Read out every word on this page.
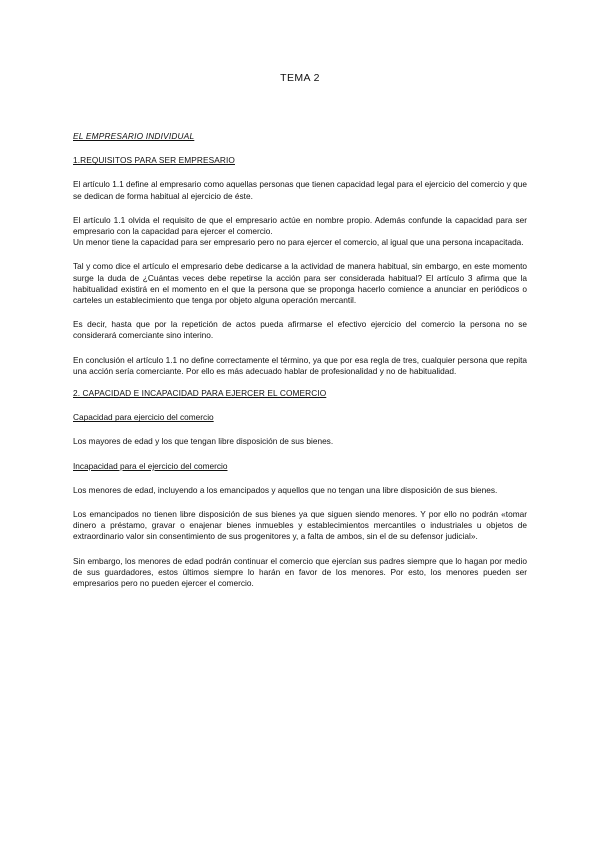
TEMA 2

EL EMPRESARIO INDIVIDUAL

1.REQUISITOS PARA SER EMPRESARIO

El artículo 1.1 define al empresario como aquellas personas que tienen capacidad legal para el ejercicio del comercio y que se dedican de forma habitual al ejercicio de éste.

El artículo 1.1 olvida el requisito de que el empresario actúe en nombre propio. Además confunde la capacidad para ser empresario con la capacidad para ejercer el comercio.

Un menor tiene la capacidad para ser empresario pero no para ejercer el comercio, al igual que una persona incapacitada.

Tal y como dice el artículo el empresario debe dedicarse a la actividad de manera habitual, sin embargo, en este momento surge la duda de ¿Cuántas veces debe repetirse la acción para ser considerada habitual? El artículo 3 afirma que la habitualidad existirá en el momento en el que la persona que se proponga hacerlo comience a anunciar en periódicos o carteles un establecimiento que tenga por objeto alguna operación mercantil.

Es decir, hasta que por la repetición de actos pueda afirmarse el efectivo ejercicio del comercio la persona no se considerará comerciante sino interino.

En conclusión el artículo 1.1 no define correctamente el término, ya que por esa regla de tres, cualquier persona que repita una acción sería comerciante. Por ello es más adecuado hablar de profesionalidad y no de habitualidad.

2. CAPACIDAD E INCAPACIDAD PARA EJERCER EL COMERCIO

Capacidad para ejercicio del comercio

Los mayores de edad y los que tengan libre disposición de sus bienes.

Incapacidad para el ejercicio del comercio

Los menores de edad, incluyendo a los emancipados y aquellos que no tengan una libre disposición de sus bienes.

Los emancipados no tienen libre disposición de sus bienes ya que siguen siendo menores. Y por ello no podrán «tomar dinero a préstamo, gravar o enajenar bienes inmuebles y establecimientos mercantiles o industriales u objetos de extraordinario valor sin consentimiento de sus progenitores y, a falta de ambos, sin el de su defensor judicial».

Sin embargo, los menores de edad podrán continuar el comercio que ejercían sus padres siempre que lo hagan por medio de sus guardadores, estos últimos siempre lo harán en favor de los menores. Por esto, los menores pueden ser empresarios pero no pueden ejercer el comercio.
